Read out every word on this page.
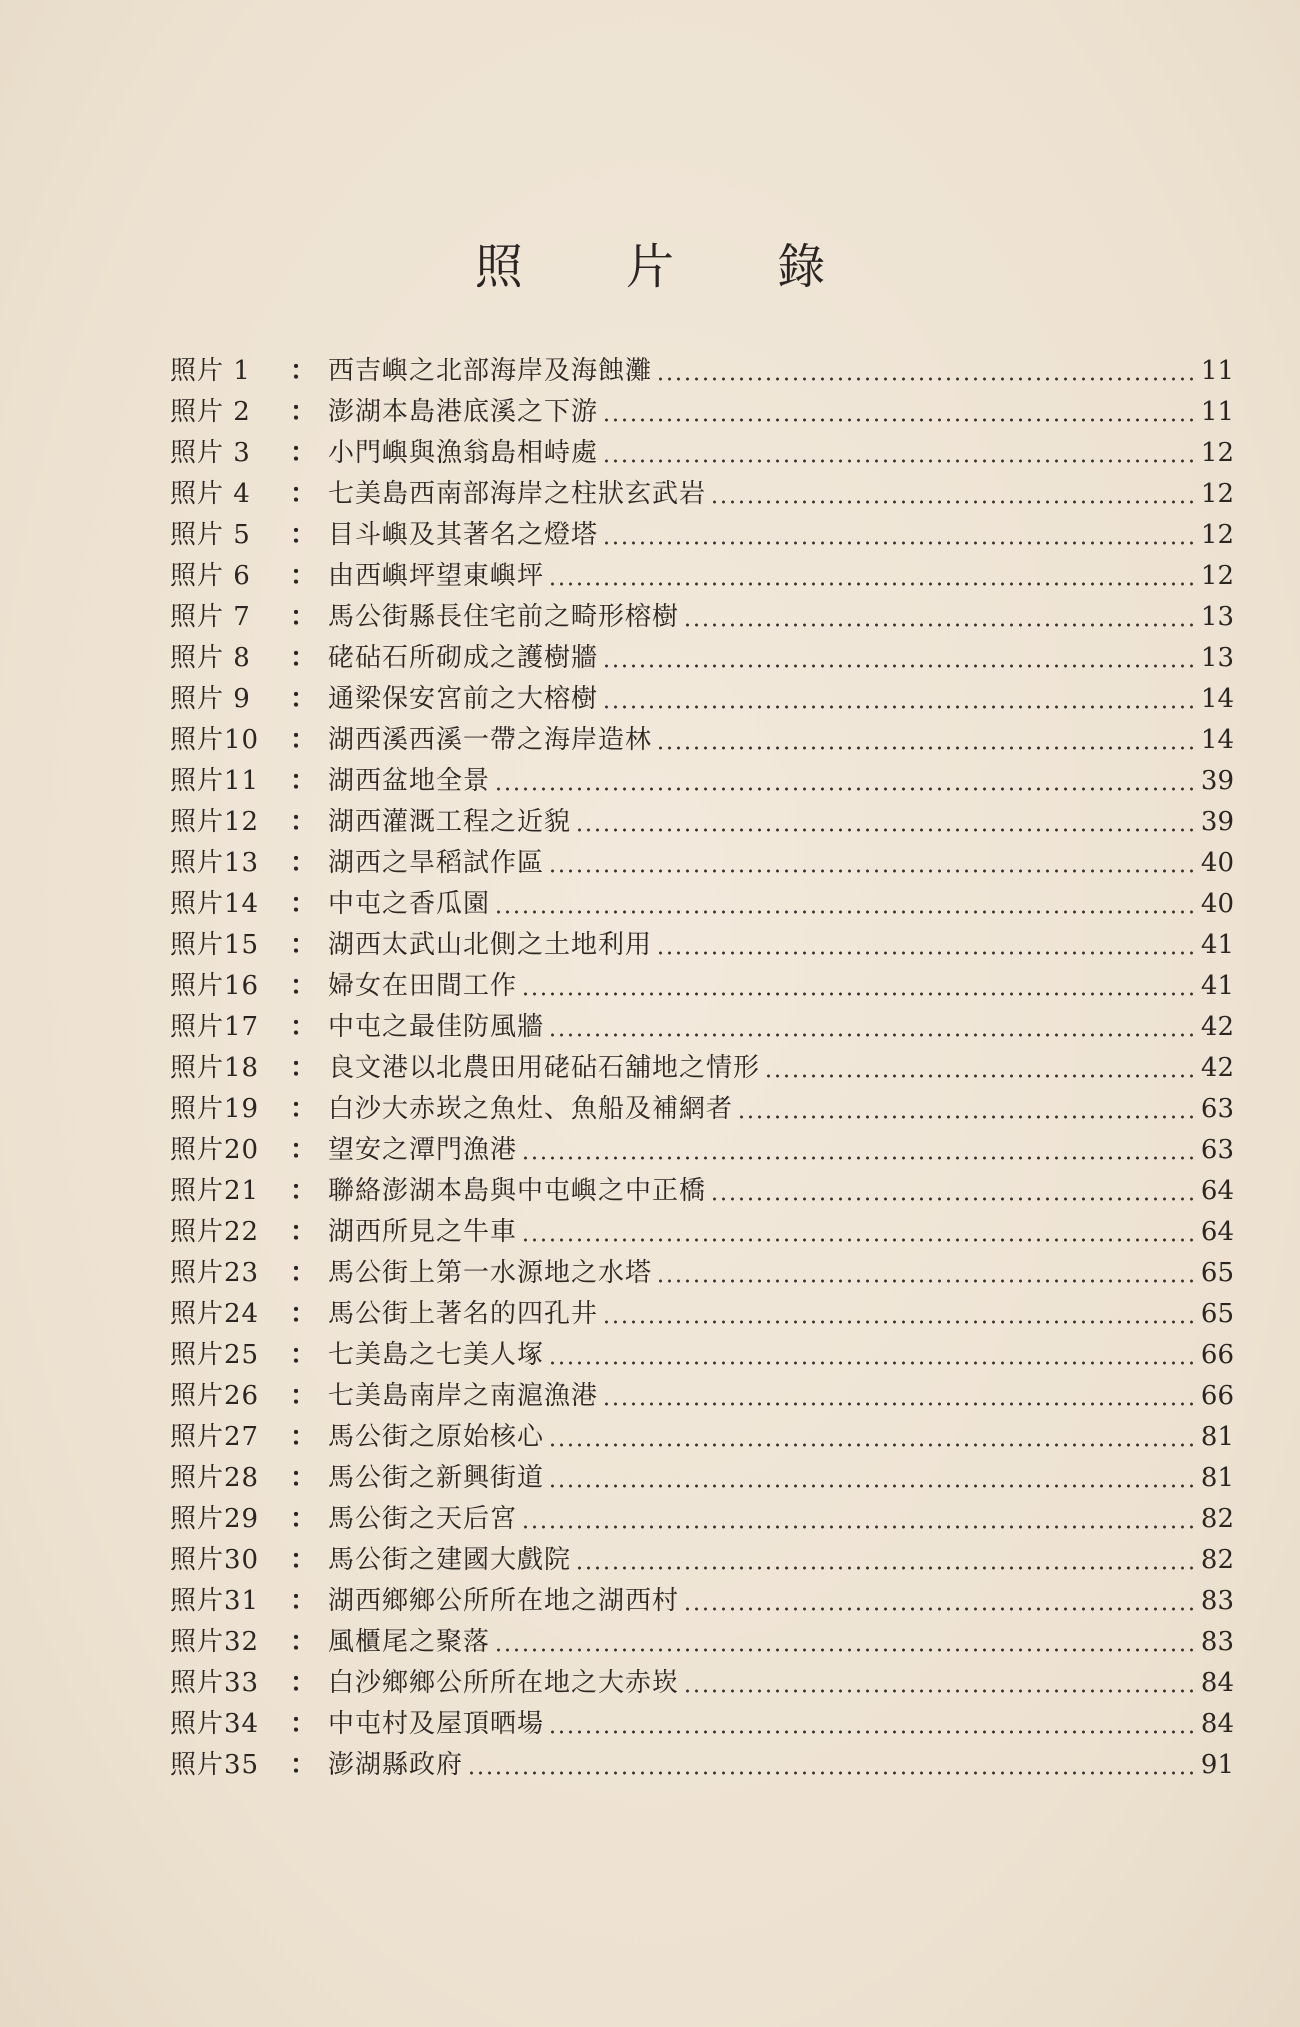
照 片 錄
照片 1	： 西吉嶼之北部海岸及海蝕灘	11
照片 2	： 澎湖本島港底溪之下游	11
照片 3	： 小門嶼與漁翁島相峙處	12
照片 4	： 七美島西南部海岸之柱狀玄武岩	12
照片 5	： 目斗嶼及其著名之燈塔	12
照片 6	： 由西嶼坪望東嶼坪	12
照片 7	： 馬公街縣長住宅前之畸形榕樹	13
照片 8	： 硓砧石所砌成之護樹牆	13
照片 9	： 通梁保安宮前之大榕樹	14
照片10	： 湖西溪西溪一帶之海岸造林	14
照片11	： 湖西盆地全景	39
照片12	： 湖西灌溉工程之近貌	39
照片13	： 湖西之旱稻試作區	40
照片14	： 中屯之香瓜園	40
照片15	： 湖西太武山北側之土地利用	41
照片16	： 婦女在田間工作	41
照片17	： 中屯之最佳防風牆	42
照片18	： 良文港以北農田用硓砧石舖地之情形	42
照片19	： 白沙大赤崁之魚灶、魚船及補網者	63
照片20	： 望安之潭門漁港	63
照片21	： 聯絡澎湖本島與中屯嶼之中正橋	64
照片22	： 湖西所見之牛車	64
照片23	： 馬公街上第一水源地之水塔	65
照片24	： 馬公街上著名的四孔井	65
照片25	： 七美島之七美人塚	66
照片26	： 七美島南岸之南滬漁港	66
照片27	： 馬公街之原始核心	81
照片28	： 馬公街之新興街道	81
照片29	： 馬公街之天后宮	82
照片30	： 馬公街之建國大戲院	82
照片31	： 湖西鄉鄉公所所在地之湖西村	83
照片32	： 風櫃尾之聚落	83
照片33	： 白沙鄉鄉公所所在地之大赤崁	84
照片34	： 中屯村及屋頂晒場	84
照片35	： 澎湖縣政府	91
